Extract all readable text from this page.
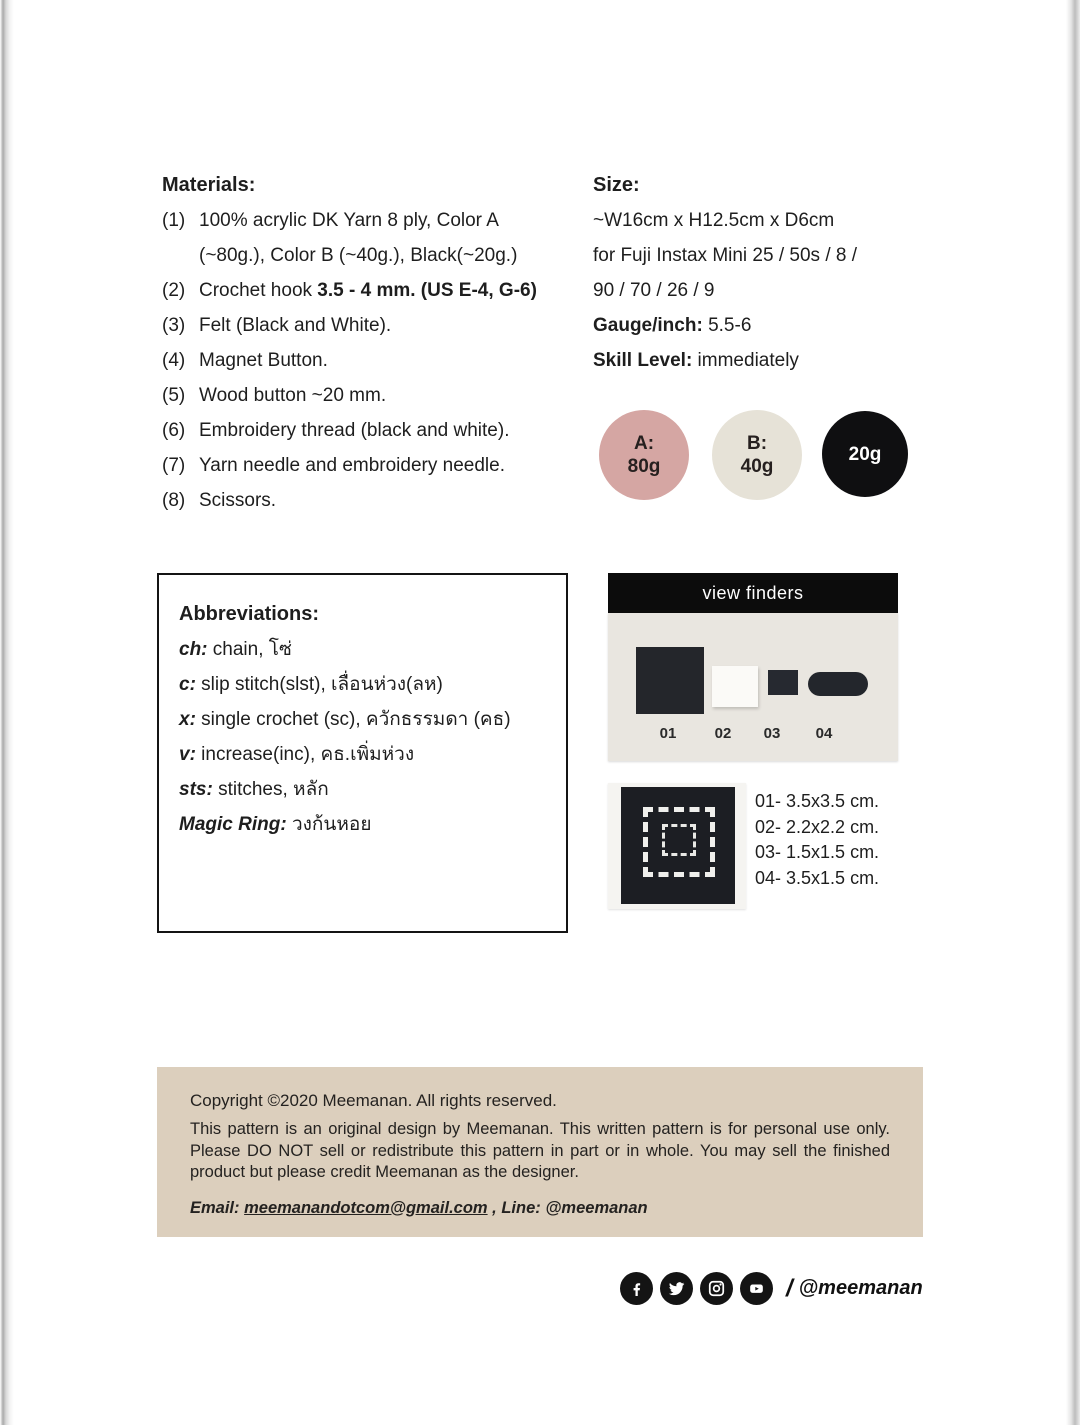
Materials:
(1) 100% acrylic DK Yarn 8 ply, Color A
(~80g.), Color B (~40g.), Black(~20g.)
(2) Crochet hook 3.5 - 4 mm. (US E-4, G-6)
(3) Felt (Black and White).
(4) Magnet Button.
(5) Wood button ~20 mm.
(6) Embroidery thread (black and white).
(7) Yarn needle and embroidery needle.
(8) Scissors.
Size:
~W16cm x H12.5cm x D6cm
for Fuji Instax Mini 25 / 50s / 8 /
90 / 70 / 26 / 9
Gauge/inch: 5.5-6
Skill Level: immediately
A:
80g
B:
40g
20g
Abbreviations:
ch: chain, โซ่
c: slip stitch(slst), เลื่อนห่วง(ลห)
x: single crochet (sc), ควักธรรมดา (คธ)
v: increase(inc), คธ.เพิ่มห่วง
sts: stitches, หลัก
Magic Ring: วงก้นหอย
view finders
01	02 03 04
01- 3.5x3.5 cm.
02- 2.2x2.2 cm.
03- 1.5x1.5 cm.
04- 3.5x1.5 cm.
Copyright ©2020 Meemanan. All rights reserved.
This pattern is an original design by Meemanan. This written pattern is for personal use only. Please DO NOT sell or redistribute this pattern in part or in whole. You may sell the finished product but please credit Meemanan as the designer.
Email: meemanandotcom@gmail.com , Line: @meemanan
/ @meemanan
